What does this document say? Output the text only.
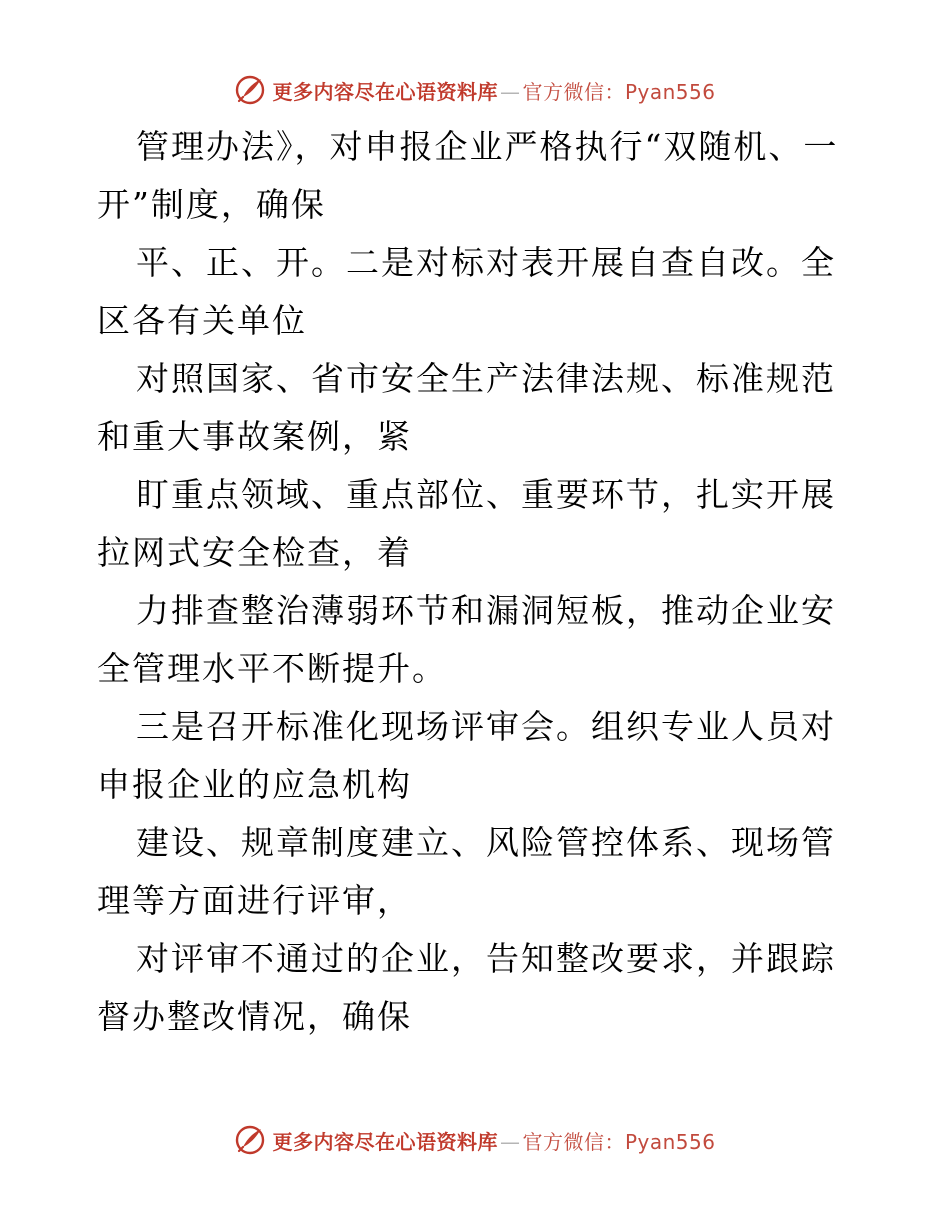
更多内容尽在心语资料库 — 官方微信：Pyan556

管理办法》，对申报企业严格执行“双随机、一开”制度，确保

平、正、开。二是对标对表开展自查自改。全区各有关单位

对照国家、省市安全生产法律法规、标准规范和重大事故案例，紧

盯重点领域、重点部位、重要环节，扎实开展拉网式安全检查，着

力排查整治薄弱环节和漏洞短板，推动企业安全管理水平不断提升。

三是召开标准化现场评审会。组织专业人员对申报企业的应急机构

建设、规章制度建立、风险管控体系、现场管理等方面进行评审，

对评审不通过的企业，告知整改要求，并跟踪督办整改情况，确保

更多内容尽在心语资料库 — 官方微信：Pyan556
